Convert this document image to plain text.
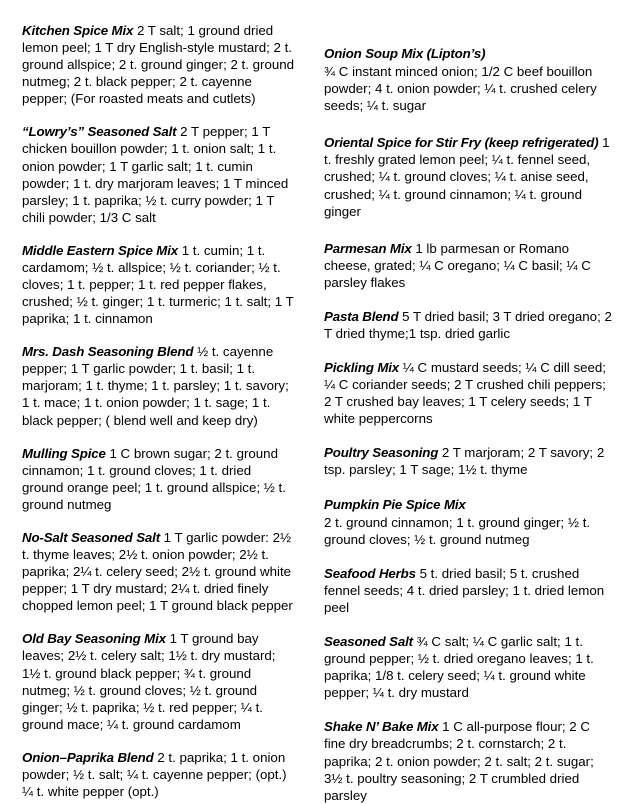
Kitchen Spice Mix 2 T salt; 1 ground dried lemon peel; 1 T dry English-style mustard; 2 t. ground allspice; 2 t. ground ginger; 2 t. ground nutmeg; 2 t. black pepper; 2 t. cayenne pepper; (For roasted meats and cutlets)

“Lowry’s” Seasoned Salt 2 T pepper; 1 T chicken bouillon powder; 1 t. onion salt; 1 t. onion powder; 1 T garlic salt; 1 t. cumin powder; 1 t. dry marjoram leaves; 1 T minced parsley; 1 t. paprika; ½ t. curry powder; 1 T chili powder; 1/3 C salt

Middle Eastern Spice Mix 1 t. cumin; 1 t. cardamom; ½ t. allspice; ½ t. coriander; ½ t. cloves; 1 t. pepper; 1 t. red pepper flakes, crushed; ½ t. ginger; 1 t. turmeric; 1 t. salt; 1 T paprika; 1 t. cinnamon

Mrs. Dash Seasoning Blend ½ t. cayenne pepper; 1 T garlic powder; 1 t. basil; 1 t. marjoram; 1 t. thyme; 1 t. parsley; 1 t. savory; 1 t. mace; 1 t. onion powder; 1 t. sage; 1 t. black pepper; ( blend well and keep dry)

Mulling Spice 1 C brown sugar; 2 t. ground cinnamon; 1 t. ground cloves; 1 t. dried ground orange peel; 1 t. ground allspice; ½ t. ground nutmeg

No-Salt Seasoned Salt 1 T garlic powder: 2½ t. thyme leaves; 2½ t. onion powder; 2½ t. paprika; 2¼ t. celery seed; 2½ t. ground white pepper; 1 T dry mustard; 2¼ t. dried finely chopped lemon peel; 1 T ground black pepper

Old Bay Seasoning Mix 1 T ground bay leaves; 2½ t. celery salt; 1½ t. dry mustard; 1½ t. ground black pepper; ¾ t. ground nutmeg; ½ t. ground cloves; ½ t. ground ginger; ½ t. paprika; ½ t. red pepper; ¼ t. ground mace; ¼ t. ground cardamom

Onion–Paprika Blend 2 t. paprika; 1 t. onion powder; ½ t. salt; ¼ t. cayenne pepper; (opt.) ¼ t. white pepper (opt.)

Onion Soup Mix (Lipton’s)
¾ C instant minced onion; 1/2 C beef bouillon powder; 4 t. onion powder; ¼ t. crushed celery seeds; ¼ t. sugar

Oriental Spice for Stir Fry (keep refrigerated) 1 t. freshly grated lemon peel; ¼ t. fennel seed, crushed; ¼ t. ground cloves; ¼ t. anise seed, crushed; ¼ t. ground cinnamon; ¼ t. ground ginger

Parmesan Mix 1 lb parmesan or Romano cheese, grated; ¼ C oregano; ¼ C basil; ¼ C parsley flakes

Pasta Blend 5 T dried basil; 3 T dried oregano; 2 T dried thyme;1 tsp. dried garlic

Pickling Mix ¼ C mustard seeds; ¼ C dill seed; ¼ C coriander seeds; 2 T crushed chili peppers; 2 T crushed bay leaves; 1 T celery seeds; 1 T white peppercorns

Poultry Seasoning 2 T marjoram; 2 T savory; 2 tsp. parsley; 1 T sage; 1½ t. thyme

Pumpkin Pie Spice Mix
2 t. ground cinnamon; 1 t. ground ginger; ½ t. ground cloves; ½ t. ground nutmeg

Seafood Herbs 5 t. dried basil; 5 t. crushed fennel seeds; 4 t. dried parsley; 1 t. dried lemon peel

Seasoned Salt ¾ C salt; ¼ C garlic salt; 1 t. ground pepper; ½ t. dried oregano leaves; 1 t. paprika; 1/8 t. celery seed; ¼ t. ground white pepper; ¼ t. dry mustard

Shake N’ Bake Mix 1 C all-purpose flour; 2 C fine dry breadcrumbs; 2 t. cornstarch; 2 t. paprika; 2 t. onion powder; 2 t. salt; 2 t. sugar; 3½ t. poultry seasoning; 2 T crumbled dried parsley
